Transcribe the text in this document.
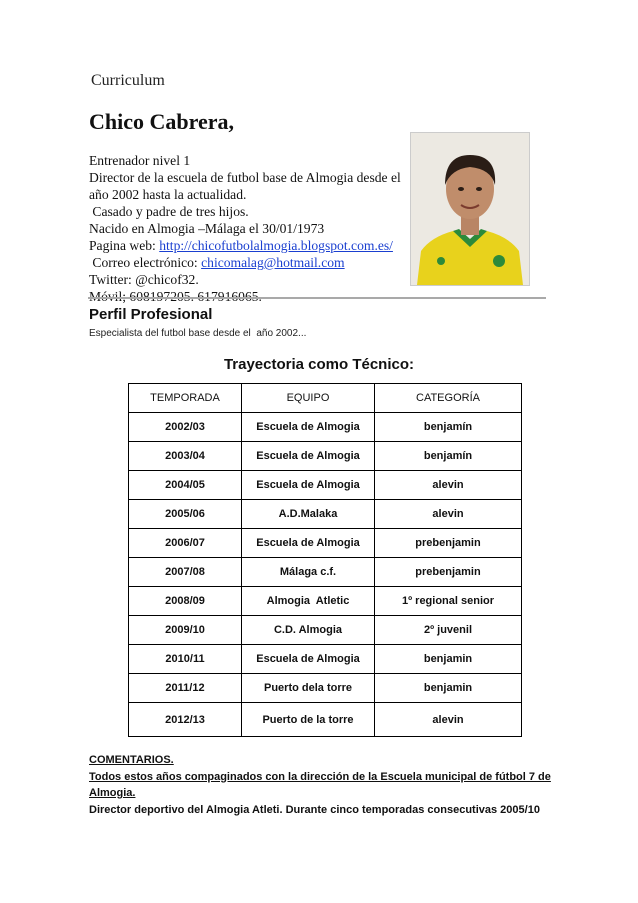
Curriculum
Chico Cabrera,
Entrenador nivel 1
Director de la escuela de futbol base de Almogia desde el
año 2002 hasta la actualidad.
Casado y padre de tres hijos.
Nacido en Almogia –Málaga el 30/01/1973
Pagina web: http://chicofutbolalmogia.blogspot.com.es/
Correo electrónico: chicomalag@hotmail.com
Twitter: @chicof32.
Perfil Profesional
Especialista del futbol base desde el  año 2002...
Trayectoria como Técnico:
TEMPORADA	EQUIPO	CATEGORÍA
2002/03	Escuela de Almogia	benjamín
2003/04	Escuela de Almogia	benjamín
2004/05	Escuela de Almogia	alevin
2005/06	A.D.Malaka	alevin
2006/07	Escuela de Almogia	prebenjamin
2007/08	Málaga c.f.	prebenjamin
2008/09	Almogia  Atletic	1º regional senior
2009/10	C.D. Almogia	2º juvenil
2010/11	Escuela de Almogia	benjamin
2011/12	Puerto dela torre	benjamin
2012/13	Puerto de la torre	alevin
COMENTARIOS.
Todos estos años compaginados con la dirección de la Escuela municipal de fútbol 7 de
Almogia.
Director deportivo del Almogia Atleti. Durante cinco temporadas consecutivas 2005/10
